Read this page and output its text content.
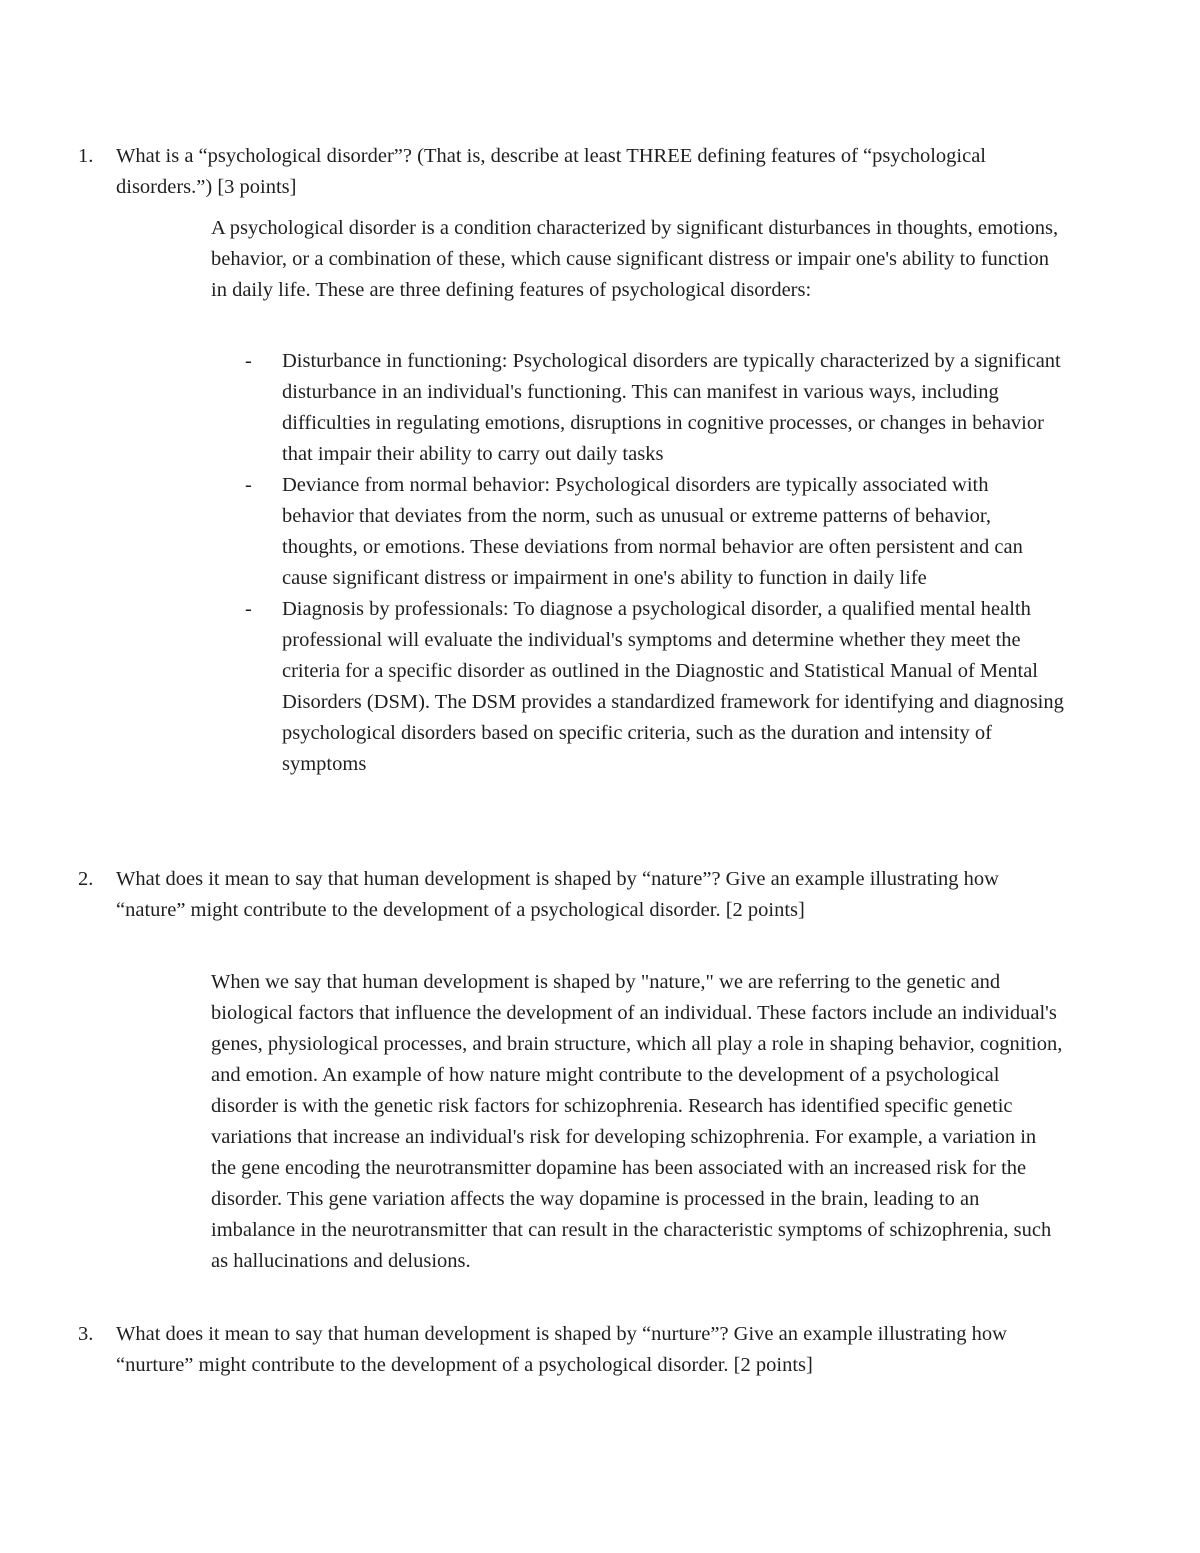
1. What is a “psychological disorder”? (That is, describe at least THREE defining features of “psychological disorders.”) [3 points]
A psychological disorder is a condition characterized by significant disturbances in thoughts, emotions, behavior, or a combination of these, which cause significant distress or impair one's ability to function in daily life. These are three defining features of psychological disorders:
- Disturbance in functioning: Psychological disorders are typically characterized by a significant disturbance in an individual's functioning. This can manifest in various ways, including difficulties in regulating emotions, disruptions in cognitive processes, or changes in behavior that impair their ability to carry out daily tasks
- Deviance from normal behavior: Psychological disorders are typically associated with behavior that deviates from the norm, such as unusual or extreme patterns of behavior, thoughts, or emotions. These deviations from normal behavior are often persistent and can cause significant distress or impairment in one's ability to function in daily life
- Diagnosis by professionals: To diagnose a psychological disorder, a qualified mental health professional will evaluate the individual's symptoms and determine whether they meet the criteria for a specific disorder as outlined in the Diagnostic and Statistical Manual of Mental Disorders (DSM). The DSM provides a standardized framework for identifying and diagnosing psychological disorders based on specific criteria, such as the duration and intensity of symptoms
2. What does it mean to say that human development is shaped by “nature”? Give an example illustrating how “nature” might contribute to the development of a psychological disorder. [2 points]
When we say that human development is shaped by "nature," we are referring to the genetic and biological factors that influence the development of an individual. These factors include an individual's genes, physiological processes, and brain structure, which all play a role in shaping behavior, cognition, and emotion. An example of how nature might contribute to the development of a psychological disorder is with the genetic risk factors for schizophrenia. Research has identified specific genetic variations that increase an individual's risk for developing schizophrenia. For example, a variation in the gene encoding the neurotransmitter dopamine has been associated with an increased risk for the disorder. This gene variation affects the way dopamine is processed in the brain, leading to an imbalance in the neurotransmitter that can result in the characteristic symptoms of schizophrenia, such as hallucinations and delusions.
3. What does it mean to say that human development is shaped by “nurture”? Give an example illustrating how “nurture” might contribute to the development of a psychological disorder. [2 points]
